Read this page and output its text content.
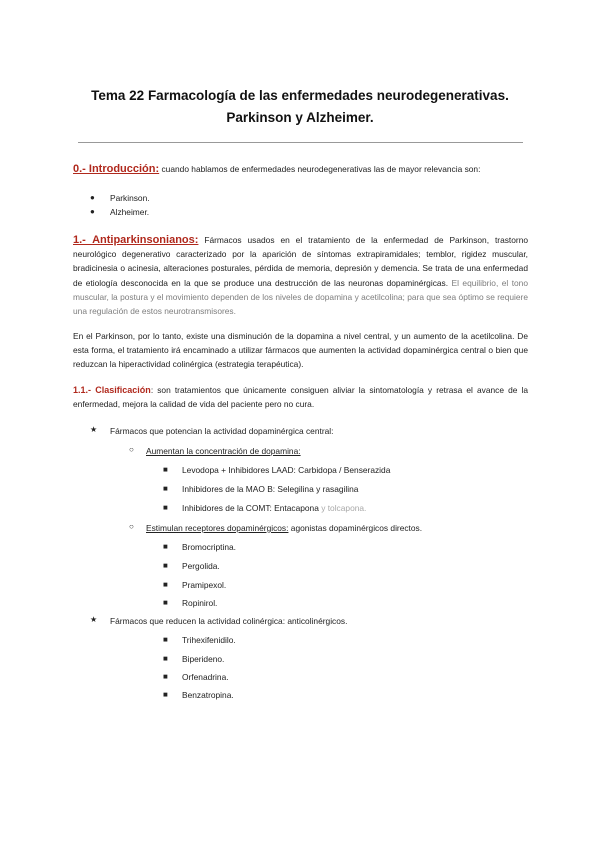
Tema 22 Farmacología de las enfermedades neurodegenerativas.
Parkinson y Alzheimer.
0.- Introducción: cuando hablamos de enfermedades neurodegenerativas las de mayor relevancia son:
● Parkinson.
● Alzheimer.
1.- Antiparkinsonianos: Fármacos usados en el tratamiento de la enfermedad de Parkinson, trastorno neurológico degenerativo caracterizado por la aparición de síntomas extrapiramidales; temblor, rigidez muscular, bradicinesia o acinesia, alteraciones posturales, pérdida de memoria, depresión y demencia. Se trata de una enfermedad de etiología desconocida en la que se produce una destrucción de las neuronas dopaminérgicas. El equilibrio, el tono muscular, la postura y el movimiento dependen de los niveles de dopamina y acetilcolina; para que sea óptimo se requiere una regulación de estos neurotransmisores.
En el Parkinson, por lo tanto, existe una disminución de la dopamina a nivel central, y un aumento de la acetilcolina. De esta forma, el tratamiento irá encaminado a utilizar fármacos que aumenten la actividad dopaminérgica central o bien que reduzcan la hiperactividad colinérgica (estrategia terapéutica).
1.1.- Clasificación: son tratamientos que únicamente consiguen aliviar la sintomatología y retrasa el avance de la enfermedad, mejora la calidad de vida del paciente pero no cura.
★ Fármacos que potencian la actividad dopaminérgica central:
○ Aumentan la concentración de dopamina:
■ Levodopa + Inhibidores LAAD: Carbidopa / Benserazida
■ Inhibidores de la MAO B: Selegilina y rasagilina
■ Inhibidores de la COMT: Entacapona y tolcapona.
○ Estimulan receptores dopaminérgicos: agonistas dopaminérgicos directos.
■ Bromocriptina.
■ Pergolida.
■ Pramipexol.
■ Ropinirol.
★ Fármacos que reducen la actividad colinérgica: anticolinérgicos.
■ Trihexifenidilo.
■ Biperideno.
■ Orfenadrina.
■ Benzatropina.
